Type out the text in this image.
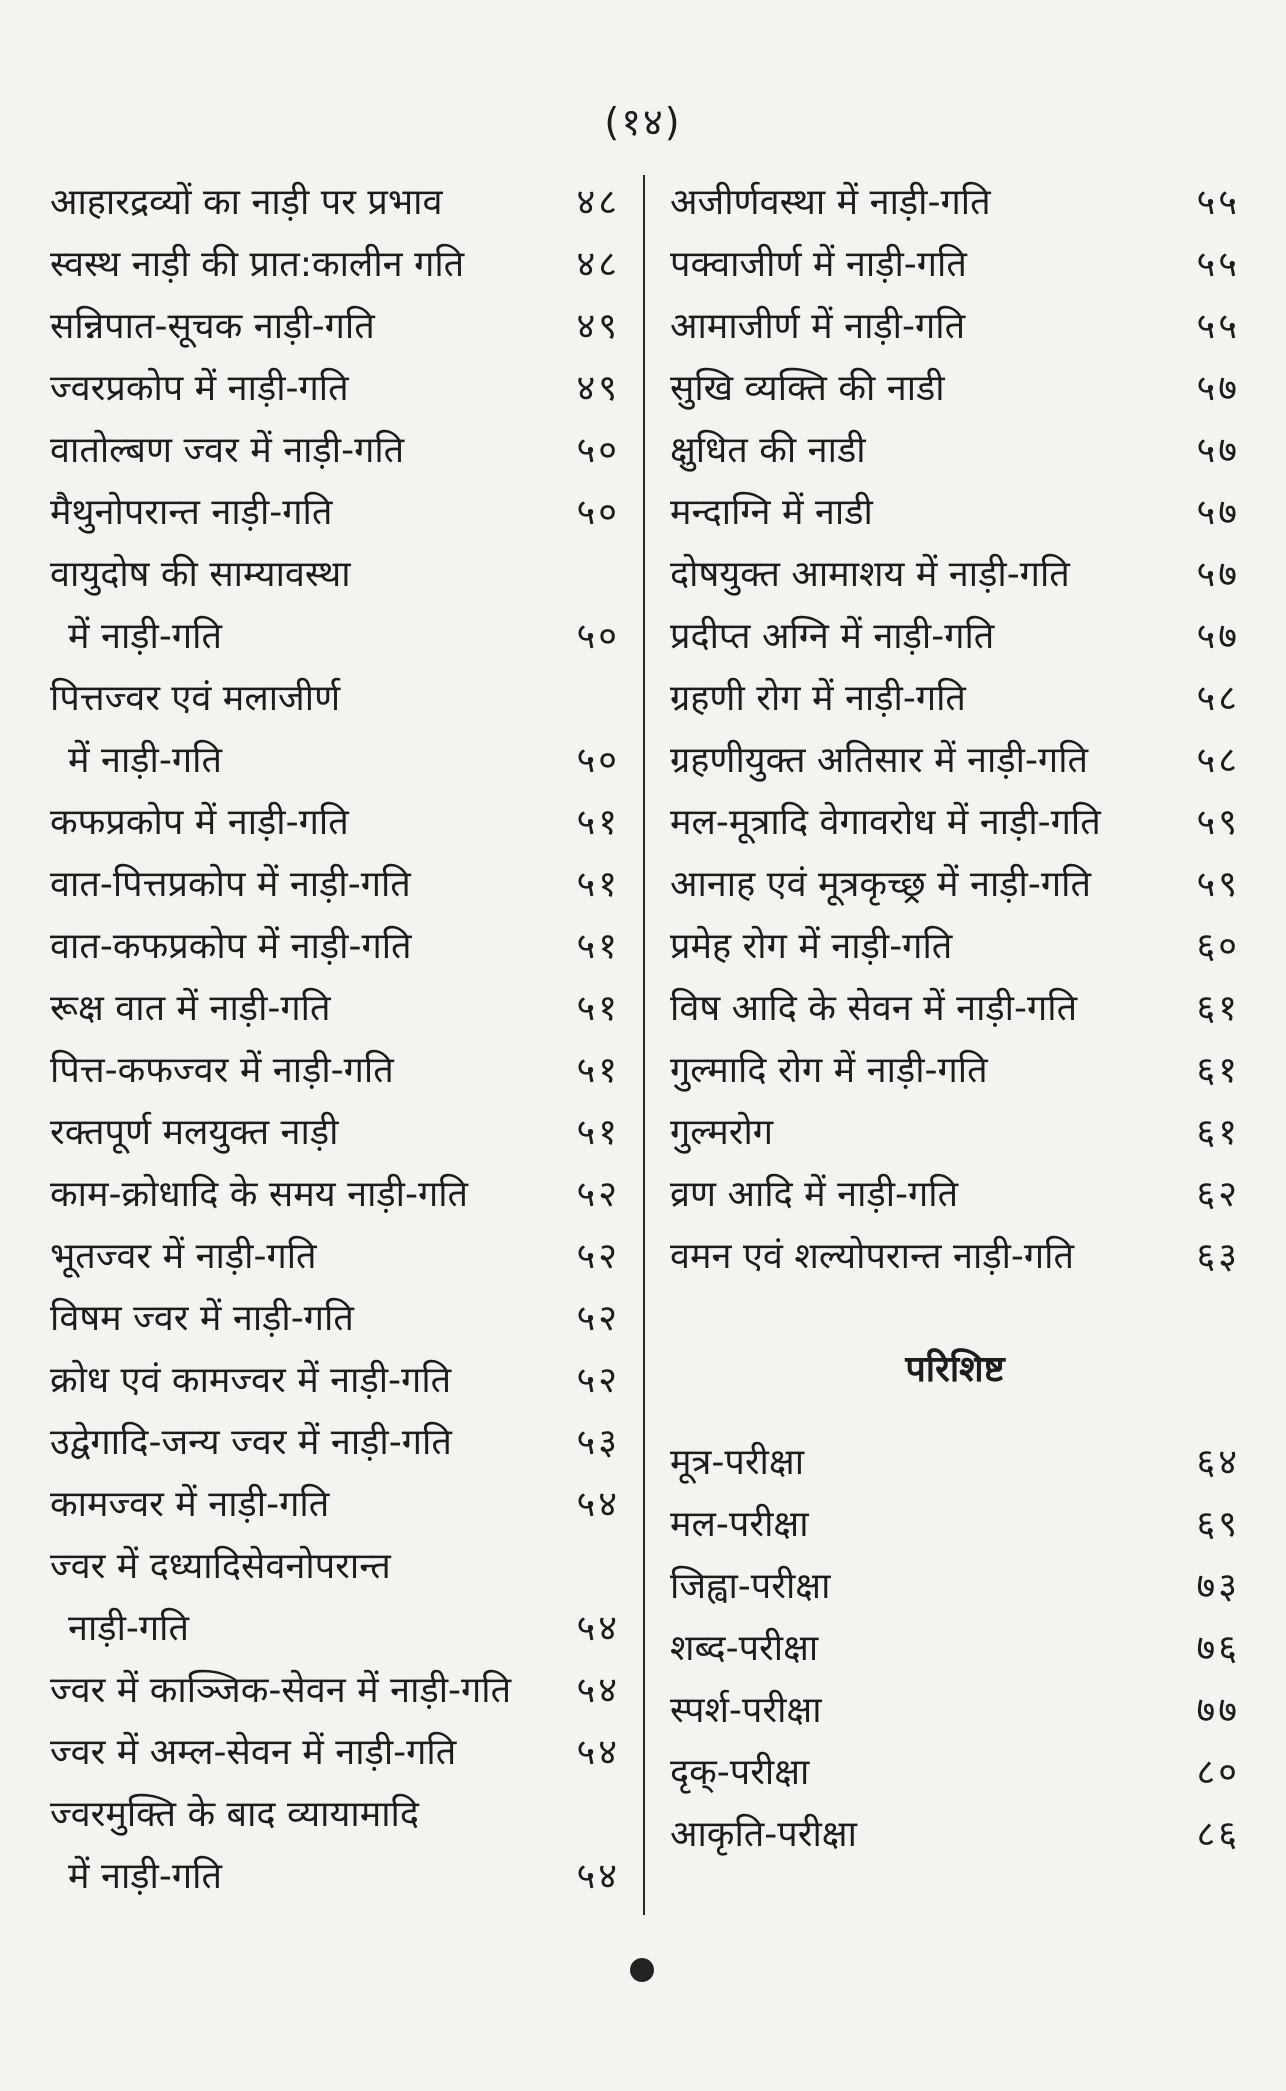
(१४)
आहारद्रव्यों का नाड़ी पर प्रभाव	४८
स्वस्थ नाड़ी की प्रात:कालीन गति	४८
सन्निपात-सूचक नाड़ी-गति	४९
ज्वरप्रकोप में नाड़ी-गति	४९
वातोल्बण ज्वर में नाड़ी-गति	५०
मैथुनोपरान्त नाड़ी-गति	५०
वायुदोष की साम्यावस्था
में नाड़ी-गति	५०
पित्तज्वर एवं मलाजीर्ण
में नाड़ी-गति	५०
कफप्रकोप में नाड़ी-गति	५१
वात-पित्तप्रकोप में नाड़ी-गति	५१
वात-कफप्रकोप में नाड़ी-गति	५१
रूक्ष वात में नाड़ी-गति	५१
पित्त-कफज्वर में नाड़ी-गति	५१
रक्तपूर्ण मलयुक्त नाड़ी	५१
काम-क्रोधादि के समय नाड़ी-गति	५२
भूतज्वर में नाड़ी-गति	५२
विषम ज्वर में नाड़ी-गति	५२
क्रोध एवं कामज्वर में नाड़ी-गति	५२
उद्वेगादि-जन्य ज्वर में नाड़ी-गति	५३
कामज्वर में नाड़ी-गति	५४
ज्वर में दध्यादिसेवनोपरान्त
नाड़ी-गति	५४
ज्वर में काञ्जिक-सेवन में नाड़ी-गति	५४
ज्वर में अम्ल-सेवन में नाड़ी-गति	५४
ज्वरमुक्ति के बाद व्यायामादि
में नाड़ी-गति	५४
अजीर्णवस्था में नाड़ी-गति	५५
पक्वाजीर्ण में नाड़ी-गति	५५
आमाजीर्ण में नाड़ी-गति	५५
सुखि व्यक्ति की नाडी	५७
क्षुधित की नाडी	५७
मन्दाग्नि में नाडी	५७
दोषयुक्त आमाशय में नाड़ी-गति	५७
प्रदीप्त अग्नि में नाड़ी-गति	५७
ग्रहणी रोग में नाड़ी-गति	५८
ग्रहणीयुक्त अतिसार में नाड़ी-गति	५८
मल-मूत्रादि वेगावरोध में नाड़ी-गति	५९
आनाह एवं मूत्रकृच्छ्र में नाड़ी-गति	५९
प्रमेह रोग में नाड़ी-गति	६०
विष आदि के सेवन में नाड़ी-गति	६१
गुल्मादि रोग में नाड़ी-गति	६१
गुल्मरोग	६१
व्रण आदि में नाड़ी-गति	६२
वमन एवं शल्योपरान्त नाड़ी-गति	६३
परिशिष्ट
मूत्र-परीक्षा	६४
मल-परीक्षा	६९
जिह्वा-परीक्षा	७३
शब्द-परीक्षा	७६
स्पर्श-परीक्षा	७७
दृक्-परीक्षा	८०
आकृति-परीक्षा	८६
